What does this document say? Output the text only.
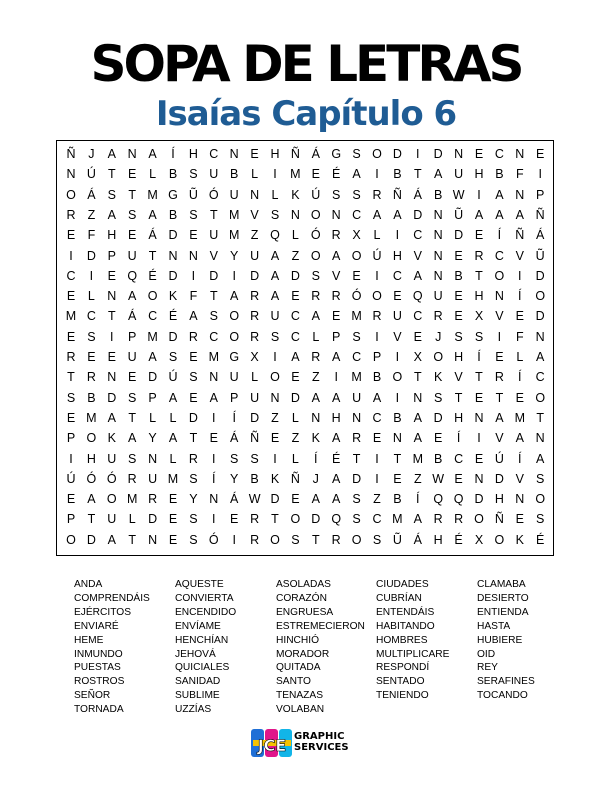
SOPA DE LETRAS
Isaías Capítulo 6
Ñ	J	A N A	Í	H C N E H Ñ Á G S O D	I	D N E C N E
N Ú T E	L	B S U B	L	I	M E É A	I	B T A U H B F	I
O Á S T M G Ũ Ó U N L	K Ú S S R Ñ Á B W	I	A N P
R Z A S A B S T M V S N O N C A A D N Ũ A A A Ñ
E F H E Á D E U M Z Q L Ó R X	L	I	C N D E	Í	Ñ Á
I	D P U T N N V Y U A Z O A O Ú H V N E R C V Ũ
C	I	E Q É D	I	D	I	D A D S V E	I	C A N B T O	I	D
E	L N A O K F	T A R A E R R Ó O E Q U E H N	Í	O
M C T Á C É A S O R U C A E M R U C R E X V E D
E S	I	P M D R C O R S C L	P S	I	V E	J	S S	I	F N
R E E U A S E M G X	I	A R A C P	I	X O H	Í	E	L	A
T R N E D Ú S N U L O E Z	I	M B O T K V T R	Í	C
S B D S P A E A P U N D A A U A	I	N S T E T E O
E M A T	L	L D	I	Í	D Z	L N H N C B A D H N A M T
P O K A Y A T E Á Ñ E Z K A R E N A E	Í	I	V A N
I	H U S N L R	I	S S	I	L	Í	É T	I	T M B C E Ú	Í	A
Ú Ó Ó R U M S	Í	Y B K Ñ	J	A D	I	E Z W E N D V S
E A O M R E Y N Á W D E A A S Z B	Í	Q Q D H N O
P T U L D E S	I	E R T O D Q S C M A R R O Ñ E S
O D A T N E S Ó	I	R O S T R O S Ũ Á H É X O K É
ANDA
COMPRENDÁIS
EJÉRCITOS
ENVIARÉ
HEME
INMUNDO
PUESTAS
ROSTROS
SEÑOR
TORNADA
AQUESTE
CONVIERTA
ENCENDIDO
ENVÍAME
HENCHÍAN
JEHOVÁ
QUICIALES
SANIDAD
SUBLIME
UZZÍAS
ASOLADAS
CORAZÓN
ENGRUESA
ESTREMECIERON
HINCHIÓ
MORADOR
QUITADA
SANTO
TENAZAS
VOLABAN
CIUDADES
CUBRÍAN
ENTENDÁIS
HABITANDO
HOMBRES
MULTIPLICARE
RESPONDÍ
SENTADO
TENIENDO
CLAMABA
DESIERTO
ENTIENDA
HASTA
HUBIERE
OID
REY
SERAFINES
TOCANDO
JCE GRAPHIC
SERVICES
